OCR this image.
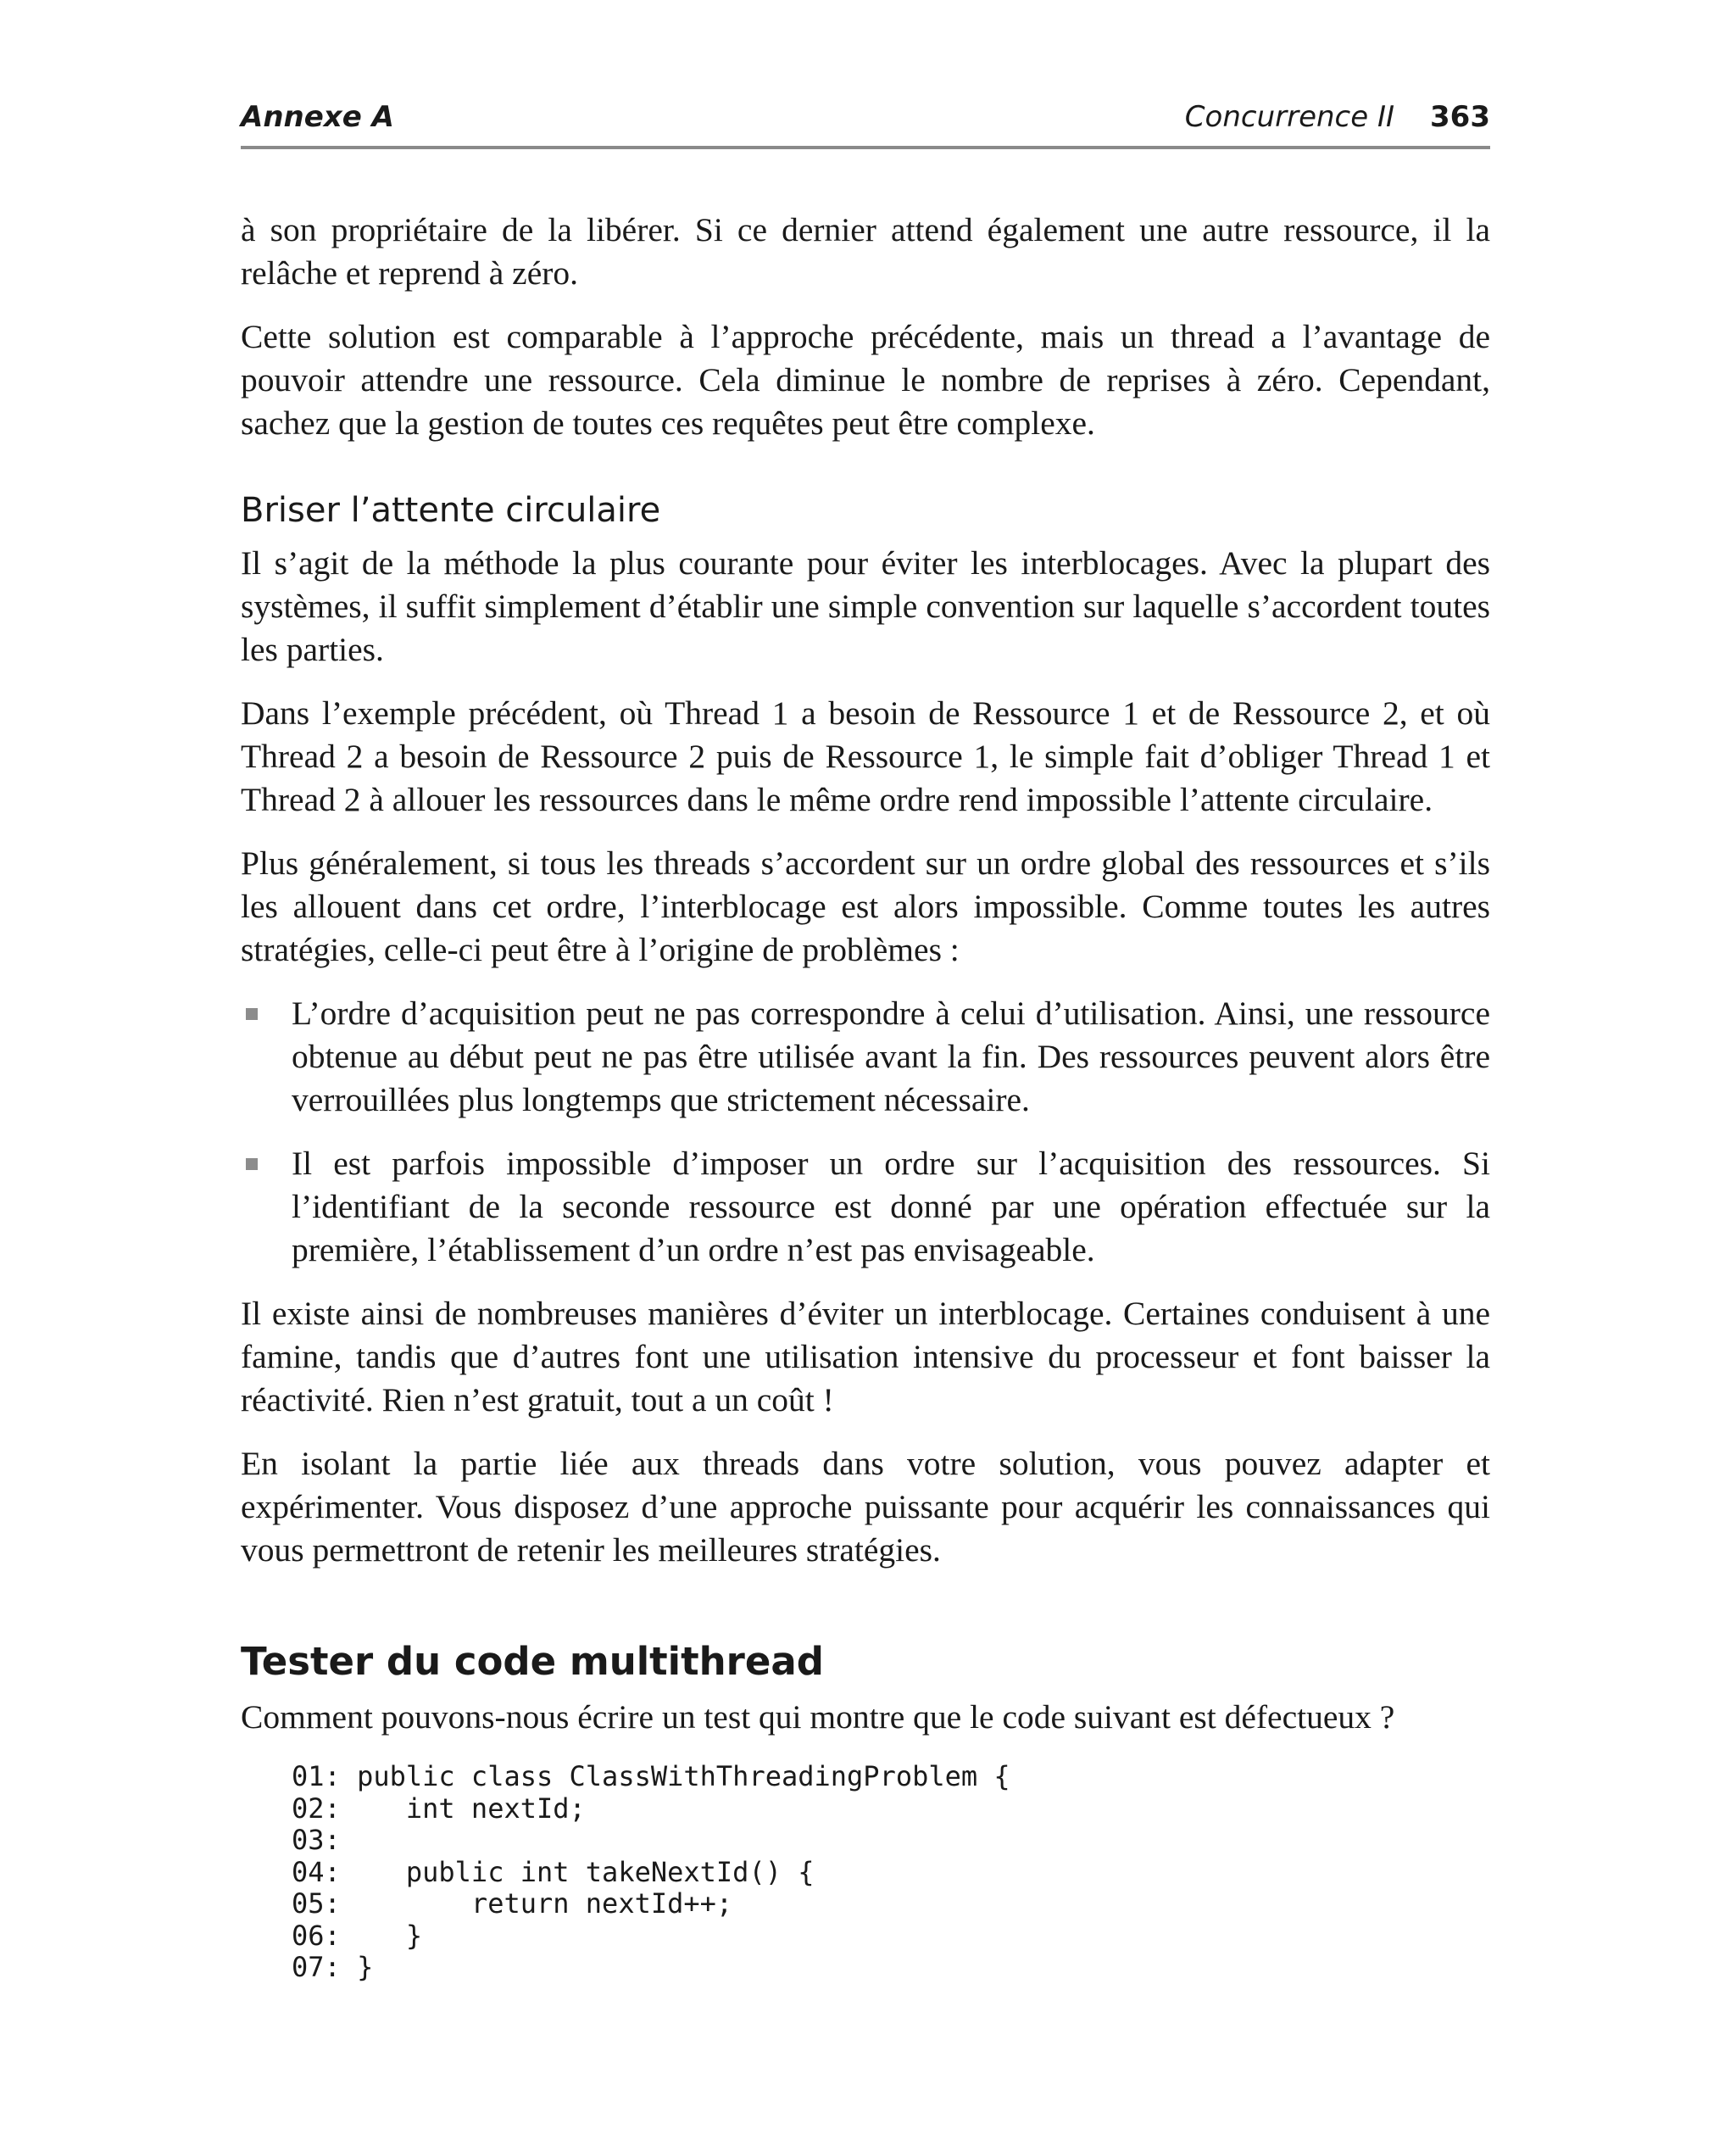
Annexe A	Concurrence II 363

à son propriétaire de la libérer. Si ce dernier attend également une autre ressource, il la relâche et reprend à zéro.

Cette solution est comparable à l’approche précédente, mais un thread a l’avantage de pouvoir attendre une ressource. Cela diminue le nombre de reprises à zéro. Cependant, sachez que la gestion de toutes ces requêtes peut être complexe.

Briser l’attente circulaire

Il s’agit de la méthode la plus courante pour éviter les interblocages. Avec la plupart des systèmes, il suffit simplement d’établir une simple convention sur laquelle s’accordent toutes les parties.

Dans l’exemple précédent, où Thread 1 a besoin de Ressource 1 et de Ressource 2, et où Thread 2 a besoin de Ressource 2 puis de Ressource 1, le simple fait d’obliger Thread 1 et Thread 2 à allouer les ressources dans le même ordre rend impossible l’attente circulaire.

Plus généralement, si tous les threads s’accordent sur un ordre global des ressources et s’ils les allouent dans cet ordre, l’interblocage est alors impossible. Comme toutes les autres stratégies, celle-ci peut être à l’origine de problèmes :

L’ordre d’acquisition peut ne pas correspondre à celui d’utilisation. Ainsi, une ressource obtenue au début peut ne pas être utilisée avant la fin. Des ressources peuvent alors être verrouillées plus longtemps que strictement nécessaire.
Il est parfois impossible d’imposer un ordre sur l’acquisition des ressources. Si l’identifiant de la seconde ressource est donné par une opération effectuée sur la première, l’établissement d’un ordre n’est pas envisageable.

Il existe ainsi de nombreuses manières d’éviter un interblocage. Certaines conduisent à une famine, tandis que d’autres font une utilisation intensive du processeur et font baisser la réactivité. Rien n’est gratuit, tout a un coût !

En isolant la partie liée aux threads dans votre solution, vous pouvez adapter et expérimenter. Vous disposez d’une approche puissante pour acquérir les connaissances qui vous permettront de retenir les meilleures stratégies.

Tester du code multithread

Comment pouvons-nous écrire un test qui montre que le code suivant est défectueux ?

01: public class ClassWithThreadingProblem {
02:    int nextId;
03:
04:    public int takeNextId() {
05:        return nextId++;
06:    }
07: }
